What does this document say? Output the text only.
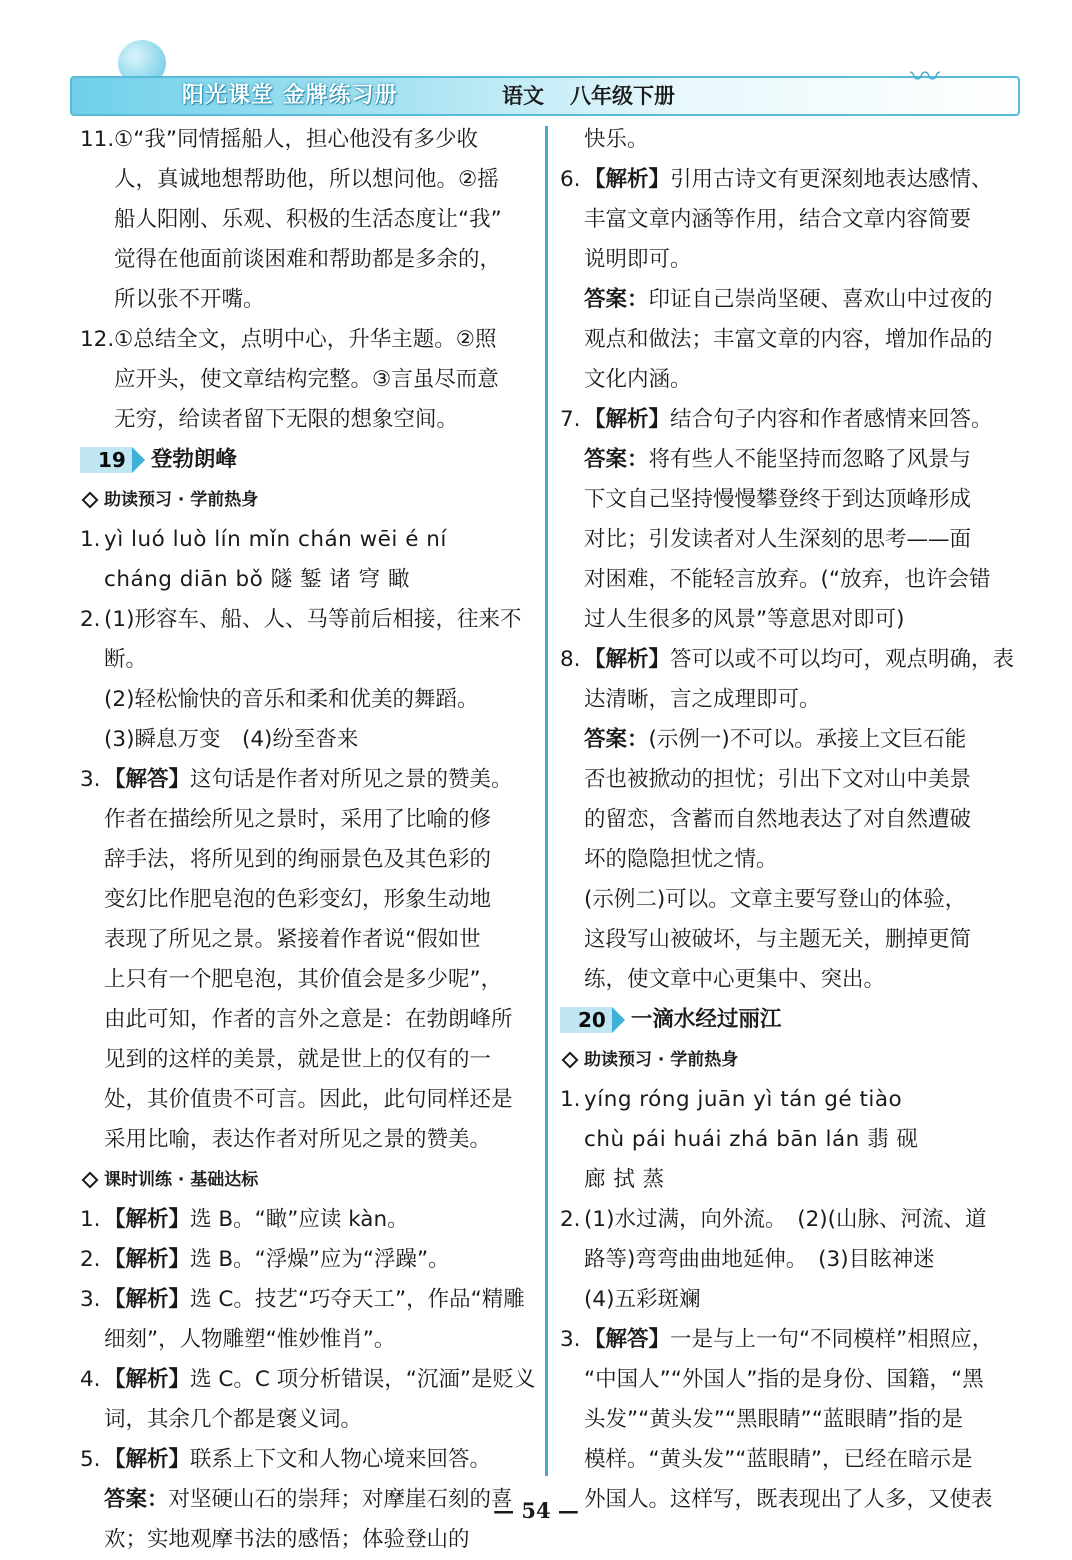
阳光课堂 金牌练习册	语文 八年级下册
〰
11. ①“我”同情摇船人，担心他没有多少收
人，真诚地想帮助他，所以想问他。②摇
船人阳刚、乐观、积极的生活态度让“我”
觉得在他面前谈困难和帮助都是多余的，
所以张不开嘴。
12. ①总结全文，点明中心，升华主题。②照
应开头，使文章结构完整。③言虽尽而意
无穷，给读者留下无限的想象空间。
19 登勃朗峰
助读预习 · 学前热身
1. yì luó luò lín mǐn chán wēi é ní
cháng diān bǒ 隧 錾 诸 穹 瞰
2. (1)形容车、船、人、马等前后相接，往来不断。
(2)轻松愉快的音乐和柔和优美的舞蹈。
(3)瞬息万变　(4)纷至沓来
3. 【解答】这句话是作者对所见之景的赞美。
作者在描绘所见之景时，采用了比喻的修
辞手法，将所见到的绚丽景色及其色彩的
变幻比作肥皂泡的色彩变幻，形象生动地
表现了所见之景。紧接着作者说“假如世
上只有一个肥皂泡，其价值会是多少呢”，
由此可知，作者的言外之意是：在勃朗峰所
见到的这样的美景，就是世上的仅有的一
处，其价值贵不可言。因此，此句同样还是
采用比喻，表达作者对所见之景的赞美。
课时训练 · 基础达标
1. 【解析】选 B。“瞰”应读 kàn。
2. 【解析】选 B。“浮燥”应为“浮躁”。
3. 【解析】选 C。技艺“巧夺天工”，作品“精雕
细刻”，人物雕塑“惟妙惟肖”。
4. 【解析】选 C。C 项分析错误，“沉湎”是贬义
词，其余几个都是褒义词。
5. 【解析】联系上下文和人物心境来回答。
答案：对坚硬山石的崇拜；对摩崖石刻的喜
欢；实地观摩书法的感悟；体验登山的
快乐。
6. 【解析】引用古诗文有更深刻地表达感情、
丰富文章内涵等作用，结合文章内容简要
说明即可。
答案：印证自己崇尚坚硬、喜欢山中过夜的
观点和做法；丰富文章的内容，增加作品的
文化内涵。
7. 【解析】结合句子内容和作者感情来回答。
答案：将有些人不能坚持而忽略了风景与
下文自己坚持慢慢攀登终于到达顶峰形成
对比；引发读者对人生深刻的思考——面
对困难，不能轻言放弃。(“放弃，也许会错
过人生很多的风景”等意思对即可)
8. 【解析】答可以或不可以均可，观点明确，表
达清晰，言之成理即可。
答案：(示例一)不可以。承接上文巨石能
否也被掀动的担忧；引出下文对山中美景
的留恋，含蓄而自然地表达了对自然遭破
坏的隐隐担忧之情。
(示例二)可以。文章主要写登山的体验，
这段写山被破坏，与主题无关，删掉更简
练，使文章中心更集中、突出。
20 一滴水经过丽江
助读预习 · 学前热身
1. yíng róng juān yì tán gé tiào
chù pái huái zhá bān lán 翡 砚
廊 拭 蒸
2. (1)水过满，向外流。　(2)(山脉、河流、道
路等)弯弯曲曲地延伸。　(3)目眩神迷
(4)五彩斑斓
3. 【解答】一是与上一句“不同模样”相照应，
“中国人”“外国人”指的是身份、国籍，“黑
头发”“黄头发”“黑眼睛”“蓝眼睛”指的是
模样。“黄头发”“蓝眼睛”，已经在暗示是
外国人。这样写，既表现出了人多，又使表
— 54 —
